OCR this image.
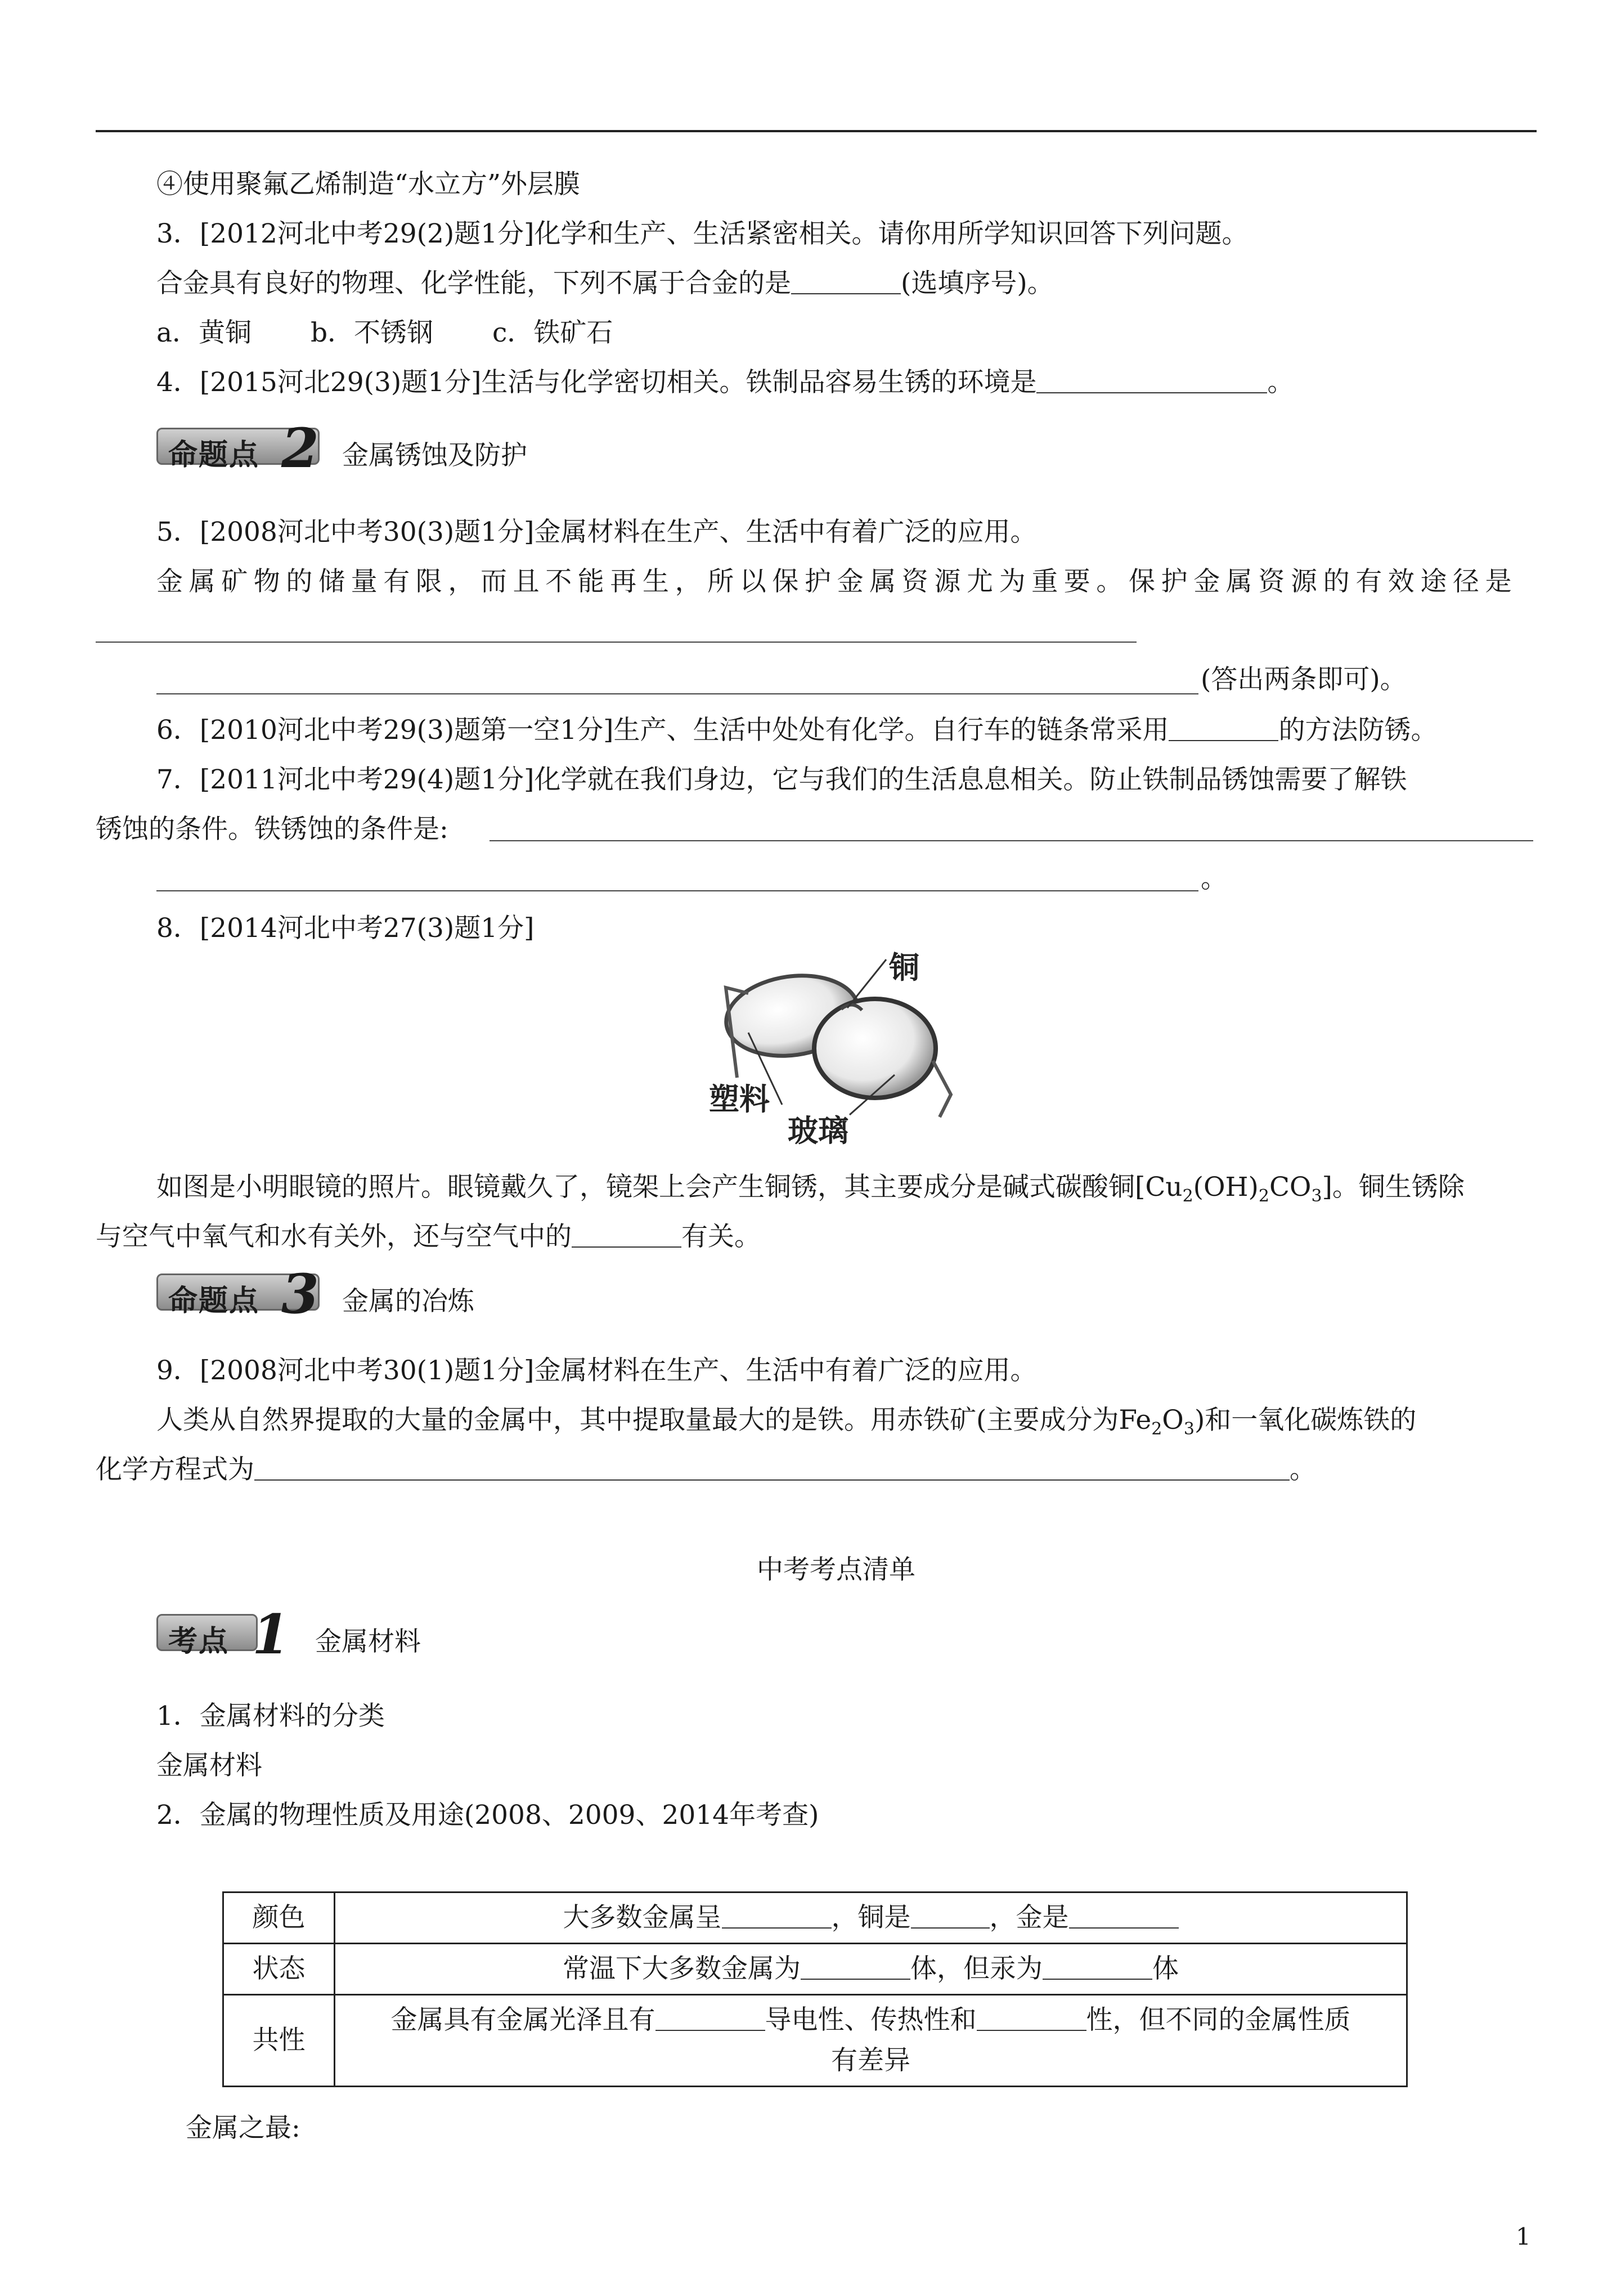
④使用聚氟乙烯制造“水立方”外层膜
3．[2012河北中考29(2)题1分]化学和生产、生活紧密相关。请你用所学知识回答下列问题。
合金具有良好的物理、化学性能，下列不属于合金的是	(选填序号)。
a．黄铜 b．不锈钢 c．铁矿石
4．[2015河北29(3)题1分]生活与化学密切相关。铁制品容易生锈的环境是	。
命题点 2 金属锈蚀及防护
5．[2008河北中考30(3)题1分]金属材料在生产、生活中有着广泛的应用。
金属矿物的储量有限，而且不能再生，所以保护金属资源尤为重要。保护金属资源的有效途径是
(答出两条即可)。
6．[2010河北中考29(3)题第一空1分]生产、生活中处处有化学。自行车的链条常采用	的方法防锈。
7．[2011河北中考29(4)题1分]化学就在我们身边，它与我们的生活息息相关。防止铁制品锈蚀需要了解铁
锈蚀的条件。铁锈蚀的条件是:
。
8．[2014河北中考27(3)题1分]
铜
塑料
玻璃
如图是小明眼镜的照片。眼镜戴久了，镜架上会产生铜锈，其主要成分是碱式碳酸铜$[Cu_2(OH)_2CO_3]$。铜生锈除
与空气中氧气和水有关外，还与空气中的	有关。
命题点 3 金属的冶炼
9．[2008河北中考30(1)题1分]金属材料在生产、生活中有着广泛的应用。
人类从自然界提取的大量的金属中，其中提取量最大的是铁。用赤铁矿(主要成分为$Fe_2O_3$)和一氧化碳炼铁的
化学方程式为	。
中考考点清单
考点 1 金属材料
1．金属材料的分类
金属材料
2．金属的物理性质及用途(2008、2009、2014年考查)
颜色	大多数金属呈 ，铜是 ，金是
状态	常温下大多数金属为 体，但汞为 体
共性	金属具有金属光泽且有 导电性、传热性和 性，但不同的金属性质
有差异
金属之最:
1
